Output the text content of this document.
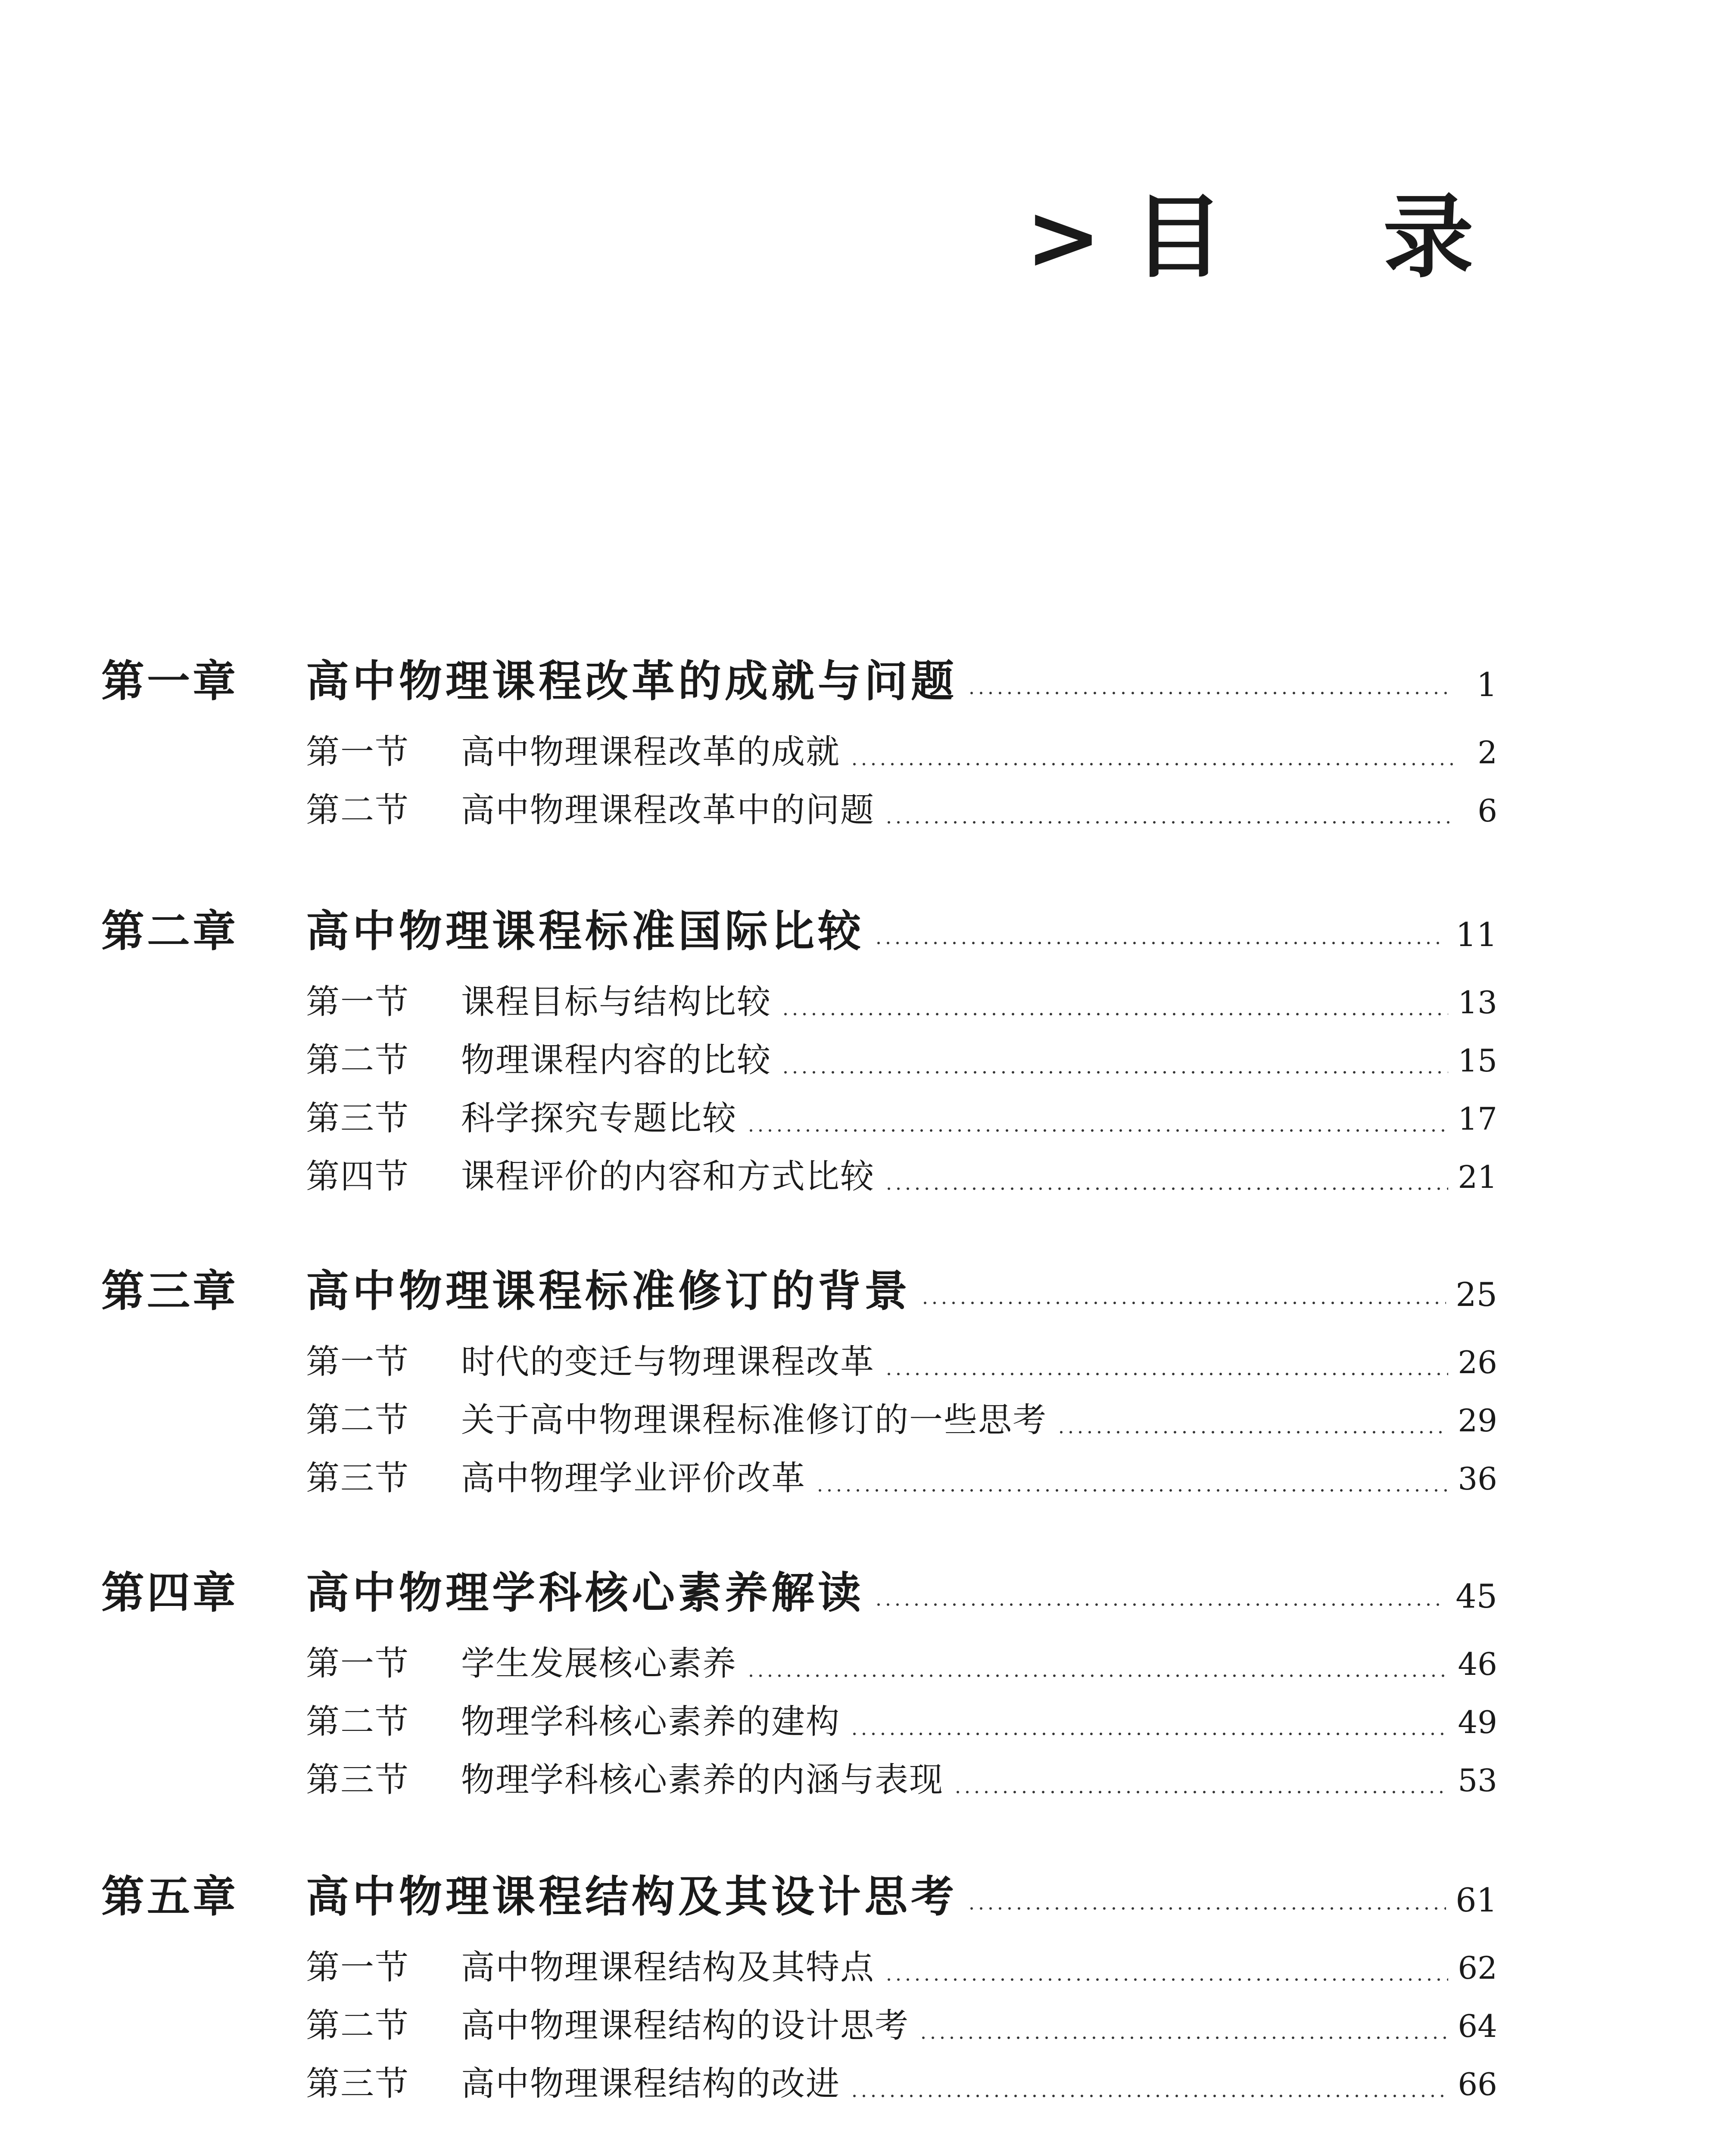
> 目 录
第一章	高中物理课程改革的成就与问题	1
第一节	高中物理课程改革的成就	2
第二节	高中物理课程改革中的问题	6
第二章	高中物理课程标准国际比较	11
第一节	课程目标与结构比较	13
第二节	物理课程内容的比较	15
第三节	科学探究专题比较	17
第四节	课程评价的内容和方式比较	21
第三章	高中物理课程标准修订的背景	25
第一节	时代的变迁与物理课程改革	26
第二节	关于高中物理课程标准修订的一些思考	29
第三节	高中物理学业评价改革	36
第四章	高中物理学科核心素养解读	45
第一节	学生发展核心素养	46
第二节	物理学科核心素养的建构	49
第三节	物理学科核心素养的内涵与表现	53
第五章	高中物理课程结构及其设计思考	61
第一节	高中物理课程结构及其特点	62
第二节	高中物理课程结构的设计思考	64
第三节	高中物理课程结构的改进	66
